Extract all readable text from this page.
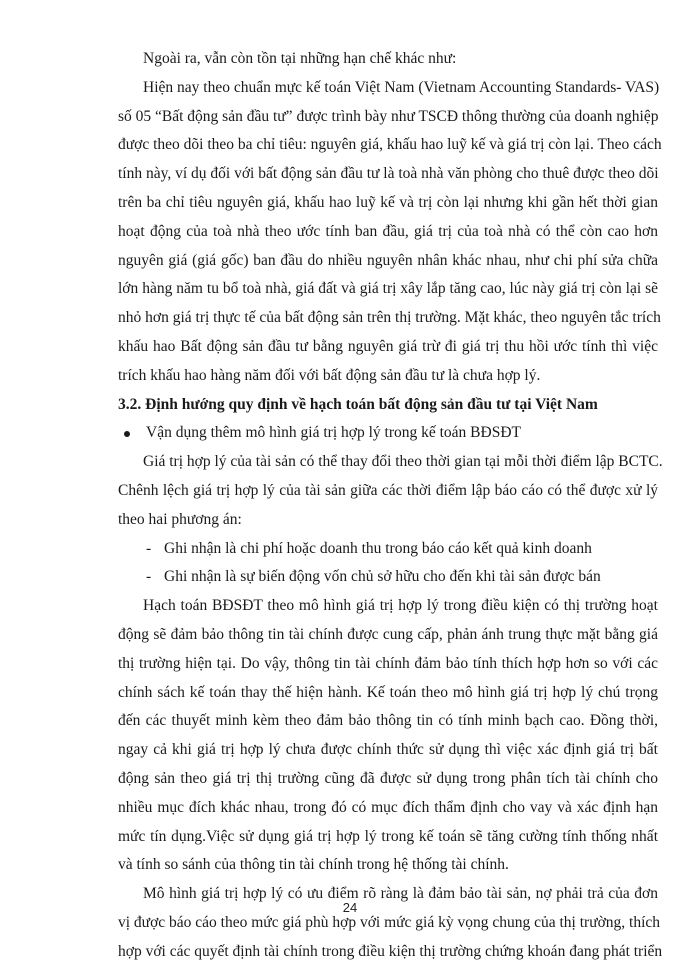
Ngoài ra, vẫn còn tồn tại những hạn chế khác như:
Hiện nay theo chuẩn mực kế toán Việt Nam (Vietnam Accounting Standards- VAS)
số 05 “Bất động sản đầu tư” được trình bày như TSCĐ thông thường của doanh nghiệp
được theo dõi theo ba chỉ tiêu: nguyên giá, khấu hao luỹ kế và giá trị còn lại. Theo cách
tính này, ví dụ đối với bất động sản đầu tư là toà nhà văn phòng cho thuê được theo dõi
trên ba chỉ tiêu nguyên giá, khấu hao luỹ kế và trị còn lại nhưng khi gần hết thời gian
hoạt động của toà nhà theo ước tính ban đầu, giá trị của toà nhà có thể còn cao hơn
nguyên giá (giá gốc) ban đầu do nhiều nguyên nhân khác nhau, như chi phí sửa chữa
lớn hàng năm tu bổ toà nhà, giá đất và giá trị xây lắp tăng cao, lúc này giá trị còn lại sẽ
nhỏ hơn giá trị thực tế của bất động sản trên thị trường. Mặt khác, theo nguyên tắc trích
khấu hao Bất động sản đầu tư bằng nguyên giá trừ đi giá trị thu hồi ước tính thì việc
trích khấu hao hàng năm đối với bất động sản đầu tư là chưa hợp lý.
3.2. Định hướng quy định về hạch toán bất động sản đầu tư tại Việt Nam
Vận dụng thêm mô hình giá trị hợp lý trong kế toán BĐSĐT
Giá trị hợp lý của tài sản có thể thay đổi theo thời gian tại mỗi thời điểm lập BCTC.
Chênh lệch giá trị hợp lý của tài sản giữa các thời điểm lập báo cáo có thể được xử lý
theo hai phương án:
- Ghi nhận là chi phí hoặc doanh thu trong báo cáo kết quả kinh doanh
- Ghi nhận là sự biến động vốn chủ sở hữu cho đến khi tài sản được bán
Hạch toán BĐSĐT theo mô hình giá trị hợp lý trong điều kiện có thị trường hoạt
động sẽ đảm bảo thông tin tài chính được cung cấp, phản ánh trung thực mặt bằng giá
thị trường hiện tại. Do vậy, thông tin tài chính đảm bảo tính thích hợp hơn so với các
chính sách kế toán thay thế hiện hành. Kế toán theo mô hình giá trị hợp lý chú trọng
đến các thuyết minh kèm theo đảm bảo thông tin có tính minh bạch cao. Đồng thời,
ngay cả khi giá trị hợp lý chưa được chính thức sử dụng thì việc xác định giá trị bất
động sản theo giá trị thị trường cũng đã được sử dụng trong phân tích tài chính cho
nhiều mục đích khác nhau, trong đó có mục đích thẩm định cho vay và xác định hạn
mức tín dụng.Việc sử dụng giá trị hợp lý trong kế toán sẽ tăng cường tính thống nhất
và tính so sánh của thông tin tài chính trong hệ thống tài chính.
Mô hình giá trị hợp lý có ưu điểm rõ ràng là đảm bảo tài sản, nợ phải trả của đơn
vị được báo cáo theo mức giá phù hợp với mức giá kỳ vọng chung của thị trường, thích
hợp với các quyết định tài chính trong điều kiện thị trường chứng khoán đang phát triển
24
